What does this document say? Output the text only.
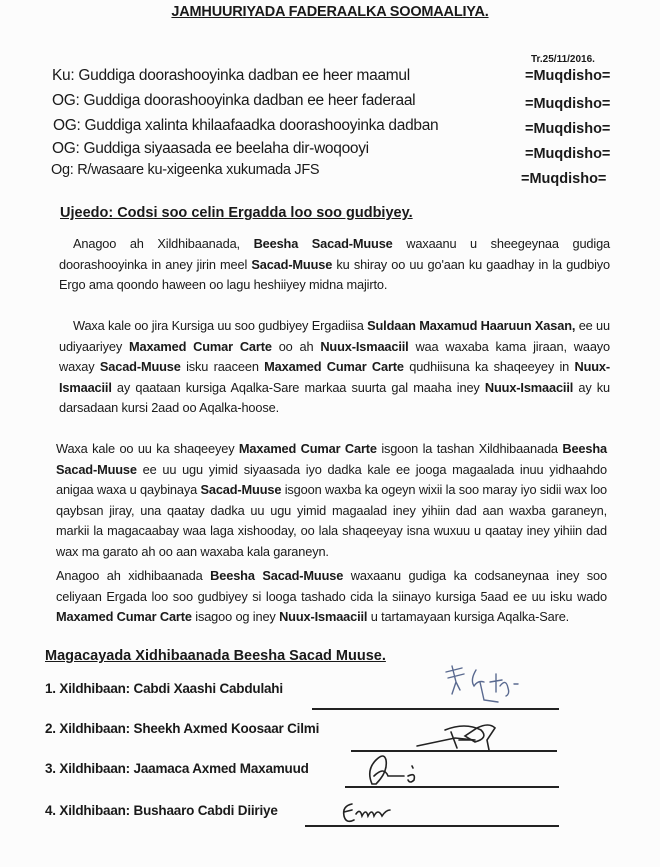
JAMHUURIYADA FADERAALKA SOOMAALIYA.
Tr.25/11/2016.
Ku: Guddiga doorashooyinka dadban ee heer maamul
OG: Guddiga doorashooyinka dadban ee heer faderaal
OG: Guddiga xalinta khilaafaadka doorashooyinka dadban
OG: Guddiga siyaasada ee beelaha dir-woqooyi
Og: R/wasaare ku-xigeenka xukumada JFS
=Muqdisho=
=Muqdisho=
=Muqdisho=
=Muqdisho=
=Muqdisho=
Ujeedo: Codsi soo celin Ergadda loo soo gudbiyey.
Anagoo ah Xildhibaanada, Beesha Sacad-Muuse waxaanu u sheegeynaa gudiga doorashooyinka in aney jirin meel Sacad-Muuse ku shiray oo uu go'aan ku gaadhay in la gudbiyo Ergo ama qoondo haween oo lagu heshiiyey midna majirto.
Waxa kale oo jira Kursiga uu soo gudbiyey Ergadiisa Suldaan Maxamud Haaruun Xasan, ee uu udiyaariyey Maxamed Cumar Carte oo ah Nuux-Ismaaciil waa waxaba kama jiraan, waayo waxay Sacad-Muuse isku raaceen Maxamed Cumar Carte qudhiisuna ka shaqeeyey in Nuux-Ismaaciil ay qaataan kursiga Aqalka-Sare markaa suurta gal maaha iney Nuux-Ismaaciil ay ku darsadaan kursi 2aad oo Aqalka-hoose.
Waxa kale oo uu ka shaqeeyey Maxamed Cumar Carte isgoon la tashan Xildhibaanada Beesha Sacad-Muuse ee uu ugu yimid siyaasada iyo dadka kale ee jooga magaalada inuu yidhaahdo anigaa waxa u qaybinaya Sacad-Muuse isgoon waxba ka ogeyn wixii la soo maray iyo sidii wax loo qaybsan jiray, una qaatay dadka uu ugu yimid magaalad iney yihiin dad aan waxba garaneyn, markii la magacaabay waa laga xishooday, oo lala shaqeeyay isna wuxuu u qaatay iney yihiin dad wax ma garato ah oo aan waxaba kala garaneyn.
Anagoo ah xidhibaanada Beesha Sacad-Muuse waxaanu gudiga ka codsaneynaa iney soo celiyaan Ergada loo soo gudbiyey si looga tashado cida la siinayo kursiga 5aad ee uu isku wado Maxamed Cumar Carte isagoo og iney Nuux-Ismaaciil u tartamayaan kursiga Aqalka-Sare.
Magacayada Xidhibaanada Beesha Sacad Muuse.
1. Xildhibaan: Cabdi Xaashi Cabdulahi
2. Xildhibaan: Sheekh Axmed Koosaar Cilmi
3. Xildhibaan: Jaamaca Axmed Maxamuud
4. Xildhibaan: Bushaaro Cabdi Diiriye
